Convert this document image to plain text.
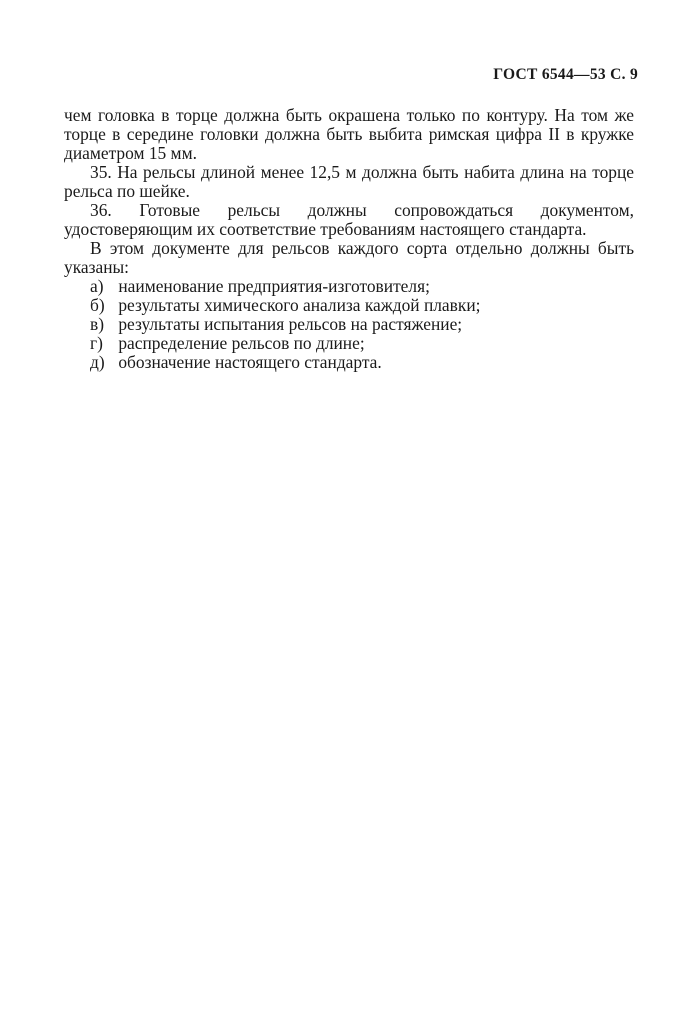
ГОСТ 6544—53 С. 9

чем головка в торце должна быть окрашена только по контуру. На том же торце в середине головки должна быть выбита римская цифра II в кружке диаметром 15 мм.

35. На рельсы длиной менее 12,5 м должна быть набита длина на торце рельса по шейке.

36. Готовые рельсы должны сопровождаться документом, удостоверяющим их соответствие требованиям настоящего стандарта.

В этом документе для рельсов каждого сорта отдельно должны быть указаны:

а) наименование предприятия-изготовителя;
б) результаты химического анализа каждой плавки;
в) результаты испытания рельсов на растяжение;
г) распределение рельсов по длине;
д) обозначение настоящего стандарта.
